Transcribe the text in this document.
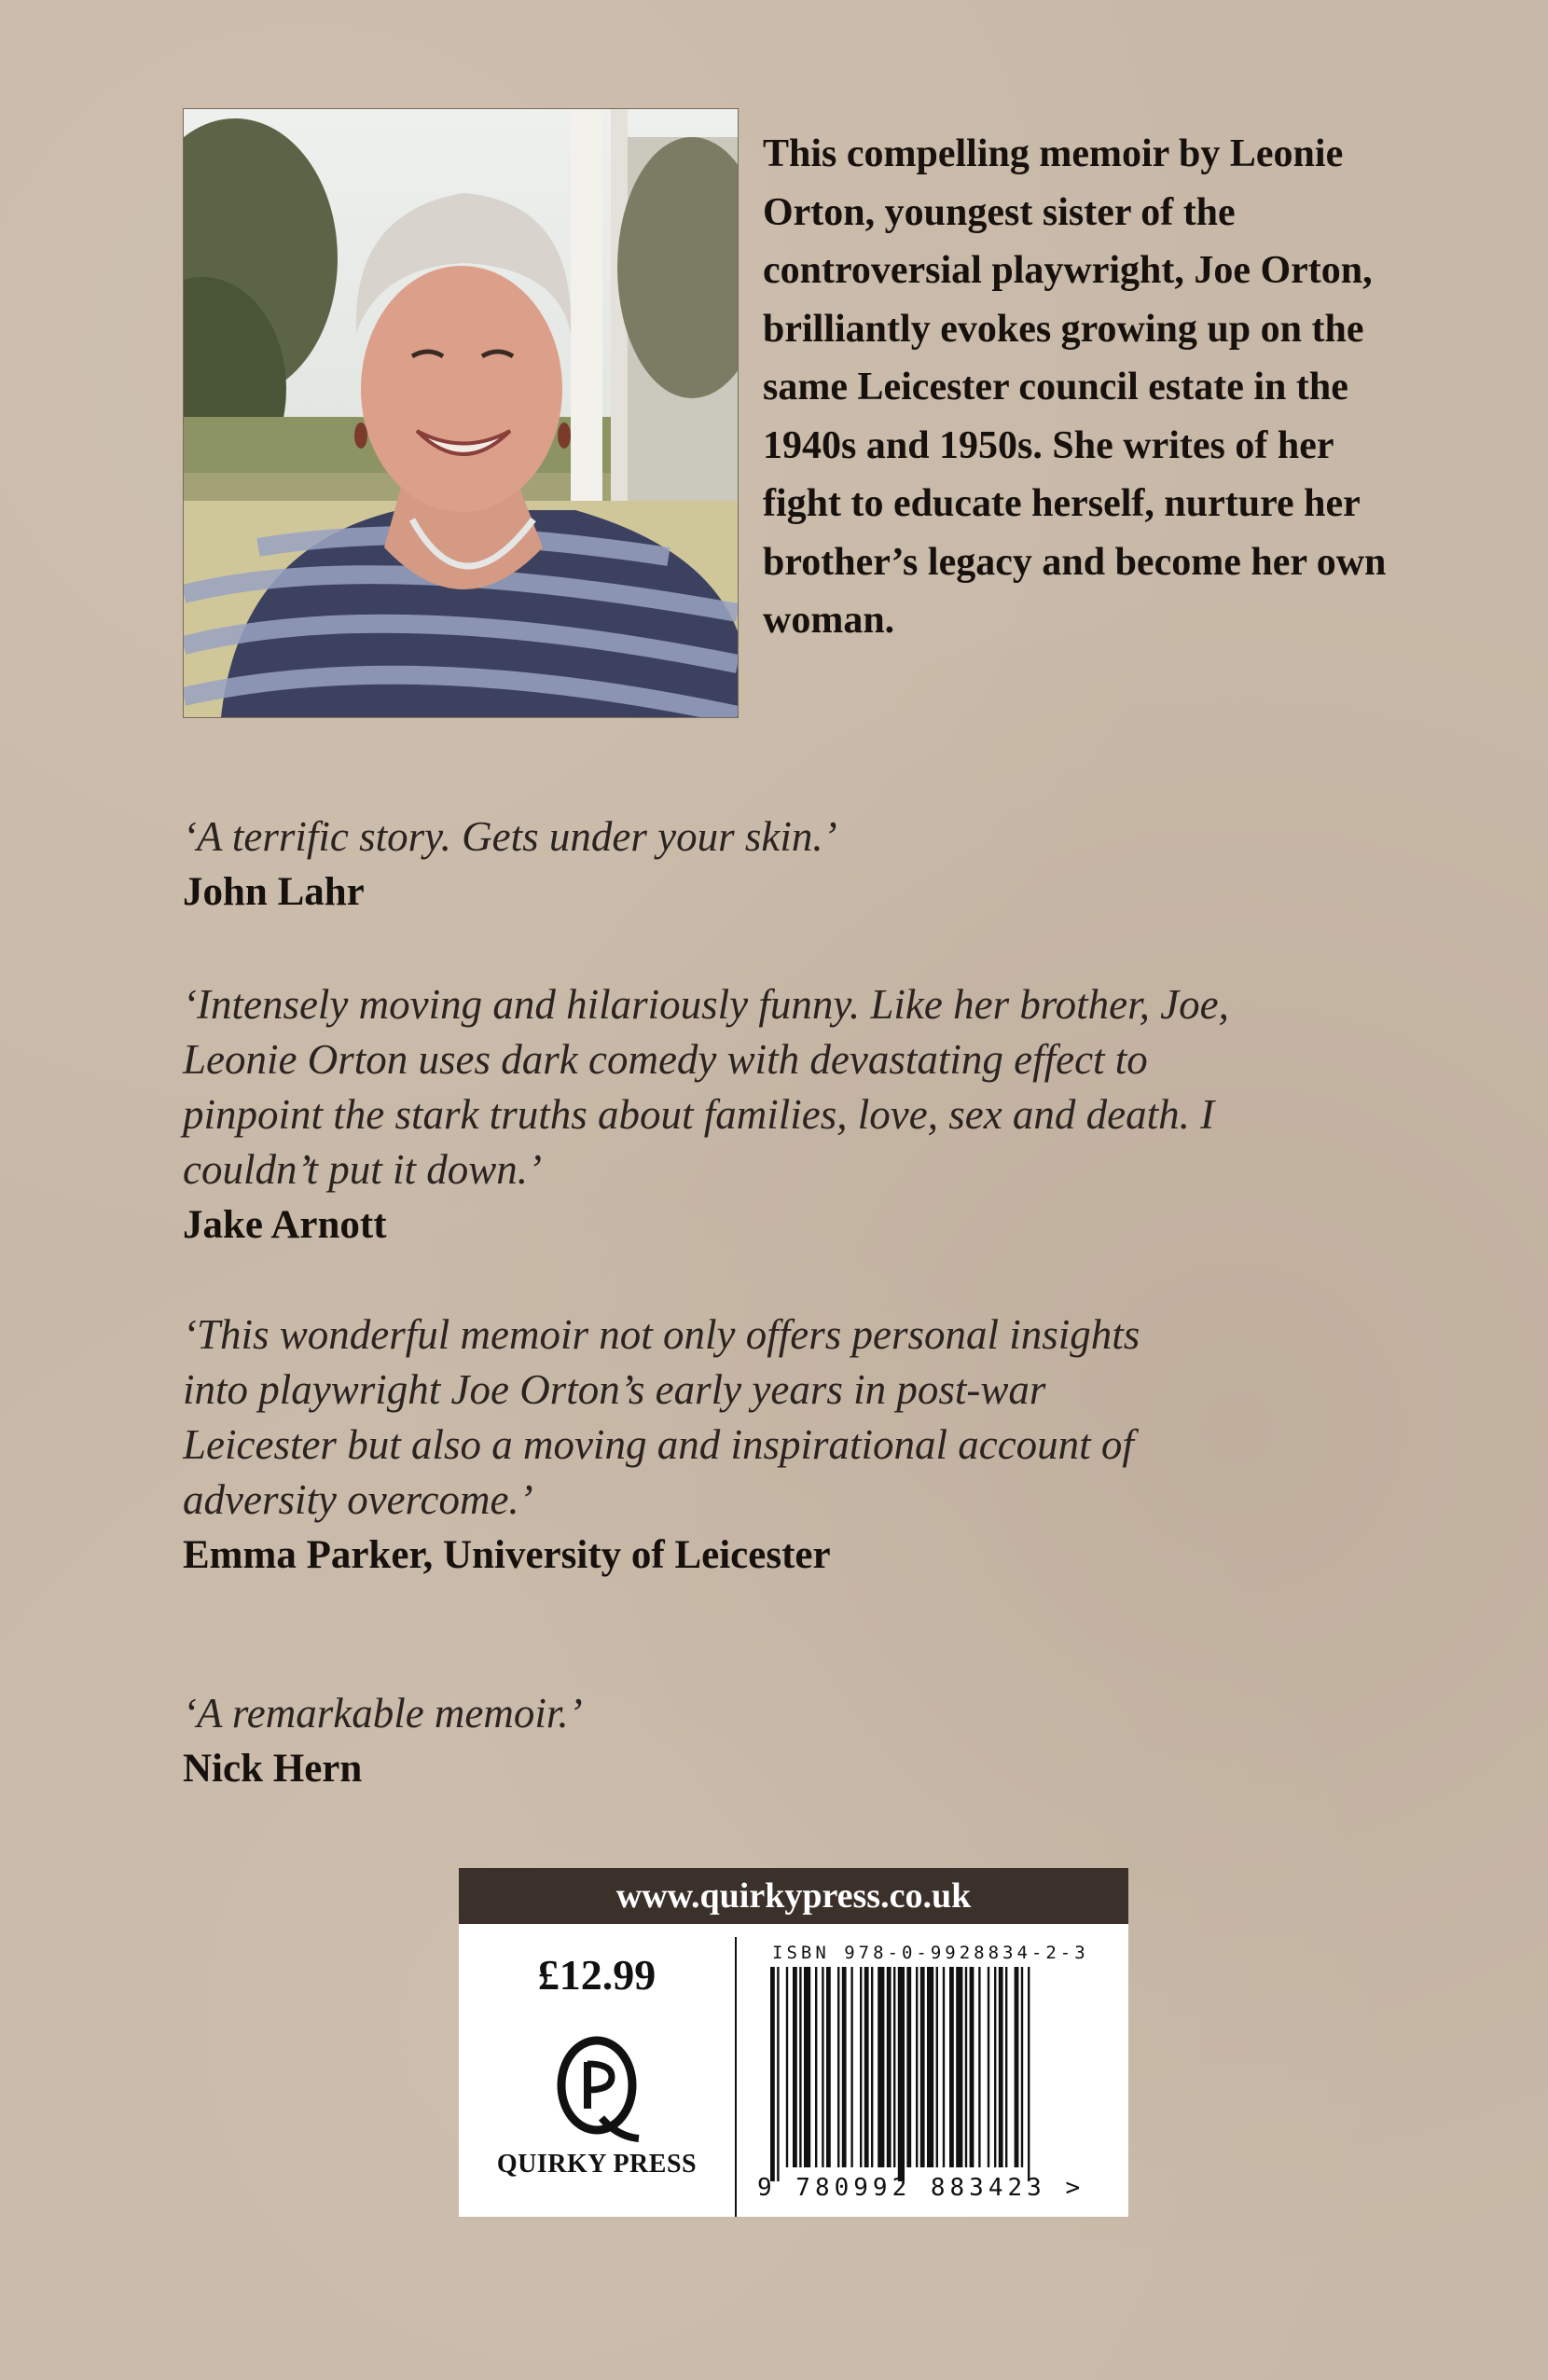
This compelling memoir by Leonie Orton, youngest sister of the controversial playwright, Joe Orton, brilliantly evokes growing up on the same Leicester council estate in the 1940s and 1950s. She writes of her fight to educate herself, nurture her brother’s legacy and become her own woman.

‘A terrific story. Gets under your skin.’

John Lahr

‘Intensely moving and hilariously funny. Like her brother, Joe, Leonie Orton uses dark comedy with devastating effect to pinpoint the stark truths about families, love, sex and death. I couldn’t put it down.’

Jake Arnott

‘This wonderful memoir not only offers personal insights into playwright Joe Orton’s early years in post-war Leicester but also a moving and inspirational account of adversity overcome.’

Emma Parker, University of Leicester

‘A remarkable memoir.’

Nick Hern

www.quirkypress.co.uk
£12.99
QUIRKY PRESS
ISBN 978-0-9928834-2-3
9 780992 883423 >
